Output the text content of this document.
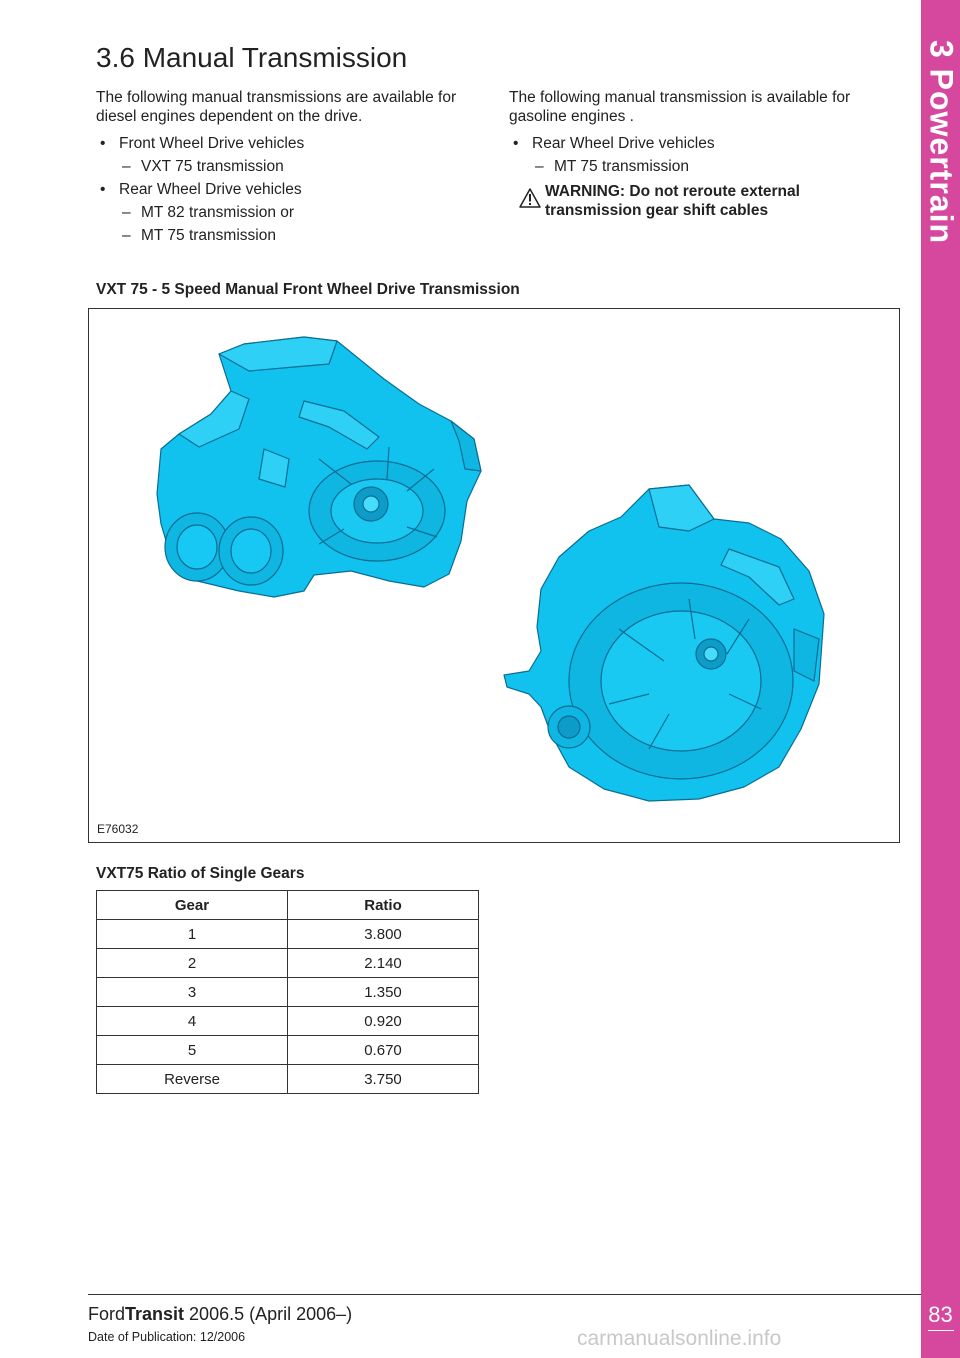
3 Powertrain
83
3.6 Manual Transmission

The following manual transmissions are available for diesel engines dependent on the drive.

• Front Wheel Drive vehicles
– VXT 75 transmission
• Rear Wheel Drive vehicles
– MT 82 transmission or
– MT 75 transmission

The following manual transmission is available for gasoline engines .

• Rear Wheel Drive vehicles
– MT 75 transmission
WARNING: Do not reroute external transmission gear shift cables
VXT 75 - 5 Speed Manual Front Wheel Drive Transmission
E76032
VXT75 Ratio of Single Gears
Gear	Ratio
1	3.800
2	2.140
3	1.350
4	0.920
5	0.670
Reverse	3.750
FordTransit 2006.5 (April 2006–)
Date of Publication: 12/2006	carmanualsonline.info
